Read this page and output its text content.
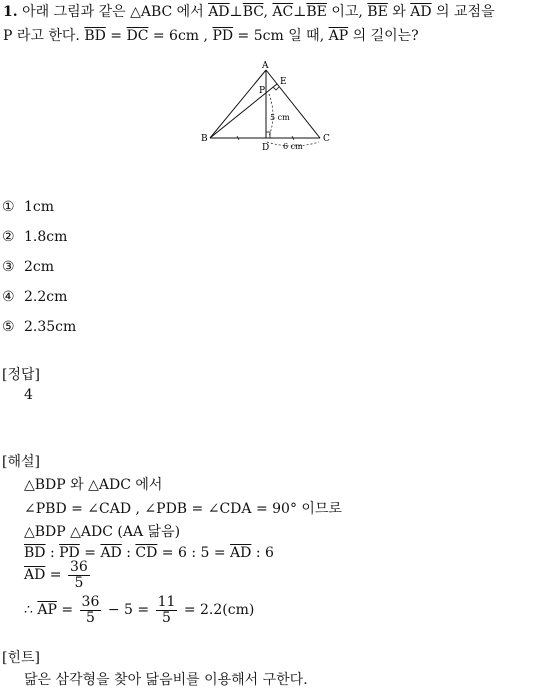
1. 아래 그림과 같은 △ABC 에서 $\overline{AD}\perp\overline{BC}$, $\overline{AC}\perp\overline{BE}$ 이고, $\overline{BE}$ 와 $\overline{AD}$ 의 교점을
P 라고 한다. $\overline{BD} = \overline{DC} = 6cm$ , $\overline{PD} = 5cm$ 일 때, $\overline{AP}$ 의 길이는?
A
E
P
B	C
D
5 cm
6 cm
① 1cm
② 1.8cm
③ 2cm
④ 2.2cm
⑤ 2.35cm
[정답]
4
[해설]
△BDP 와 △ADC 에서
∠PBD = ∠CAD , ∠PDB = ∠CDA = 90° 이므로
△BDP △ADC (AA 닮음)
$\overline{BD}$ : $\overline{PD} = \overline{AD}$ : $\overline{CD} = 6$ : $5 = \overline{AD}$ : 6
$\overline{AD} = \frac{36}{5}$
∴ $\overline{AP} = \frac{36}{5} - 5 = \frac{11}{5} = 2.2(cm)$
[힌트]
닮은 삼각형을 찾아 닮음비를 이용해서 구한다.
